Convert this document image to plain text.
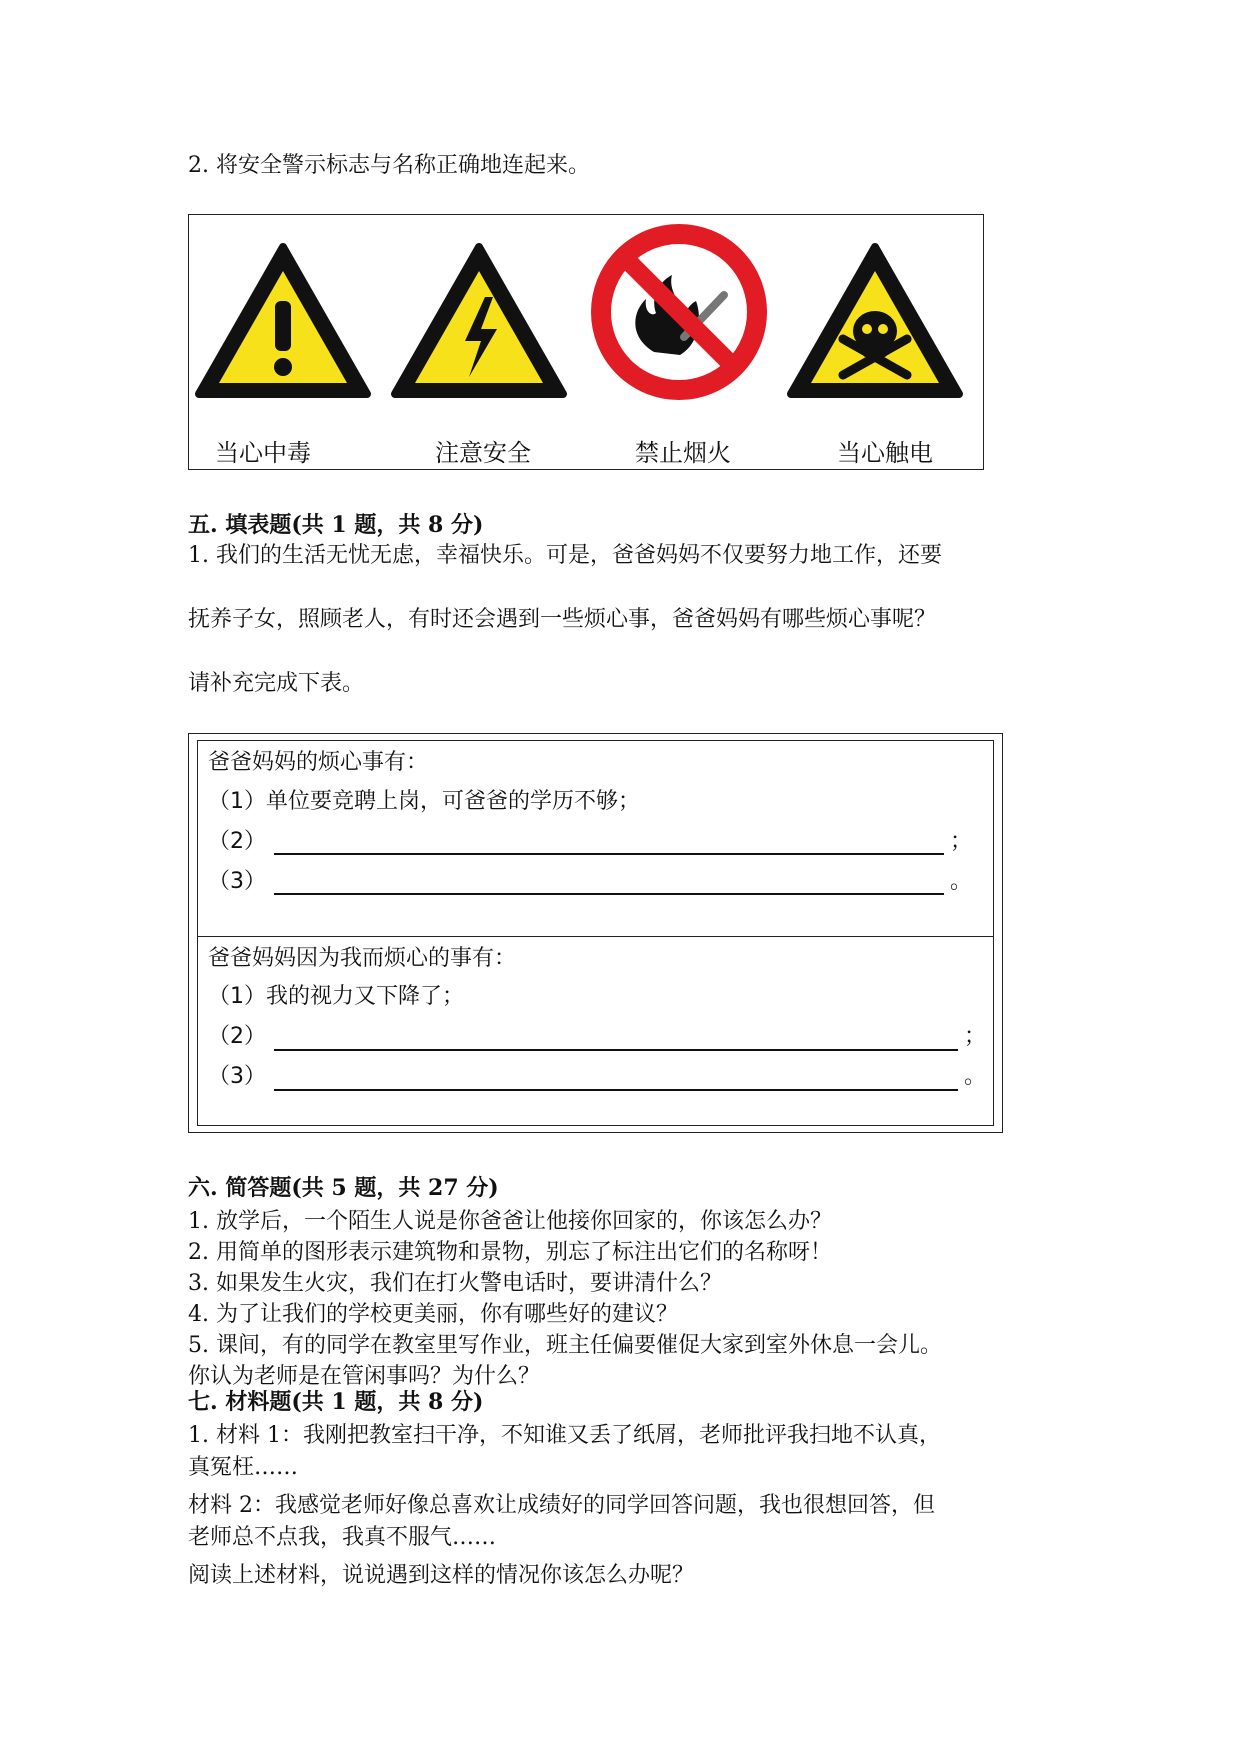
2. 将安全警示标志与名称正确地连起来。
当心中毒	注意安全	禁止烟火	当心触电
五. 填表题(共 1 题，共 8 分)
1. 我们的生活无忧无虑，幸福快乐。可是，爸爸妈妈不仅要努力地工作，还要
抚养子女，照顾老人，有时还会遇到一些烦心事，爸爸妈妈有哪些烦心事呢？
请补充完成下表。
爸爸妈妈的烦心事有：
（1）单位要竞聘上岗，可爸爸的学历不够；
（2）	；
（3）	。
爸爸妈妈因为我而烦心的事有：
（1）我的视力又下降了；
（2）	；
（3）	。
六. 简答题(共 5 题，共 27 分)
1. 放学后，一个陌生人说是你爸爸让他接你回家的，你该怎么办？
2. 用简单的图形表示建筑物和景物，别忘了标注出它们的名称呀！
3. 如果发生火灾，我们在打火警电话时，要讲清什么？
4. 为了让我们的学校更美丽，你有哪些好的建议？
5. 课间，有的同学在教室里写作业，班主任偏要催促大家到室外休息一会儿。
你认为老师是在管闲事吗？为什么？
七. 材料题(共 1 题，共 8 分)
1. 材料 1：我刚把教室扫干净，不知谁又丢了纸屑，老师批评我扫地不认真，
真冤枉……
材料 2：我感觉老师好像总喜欢让成绩好的同学回答问题，我也很想回答，但
老师总不点我，我真不服气……
阅读上述材料，说说遇到这样的情况你该怎么办呢？
